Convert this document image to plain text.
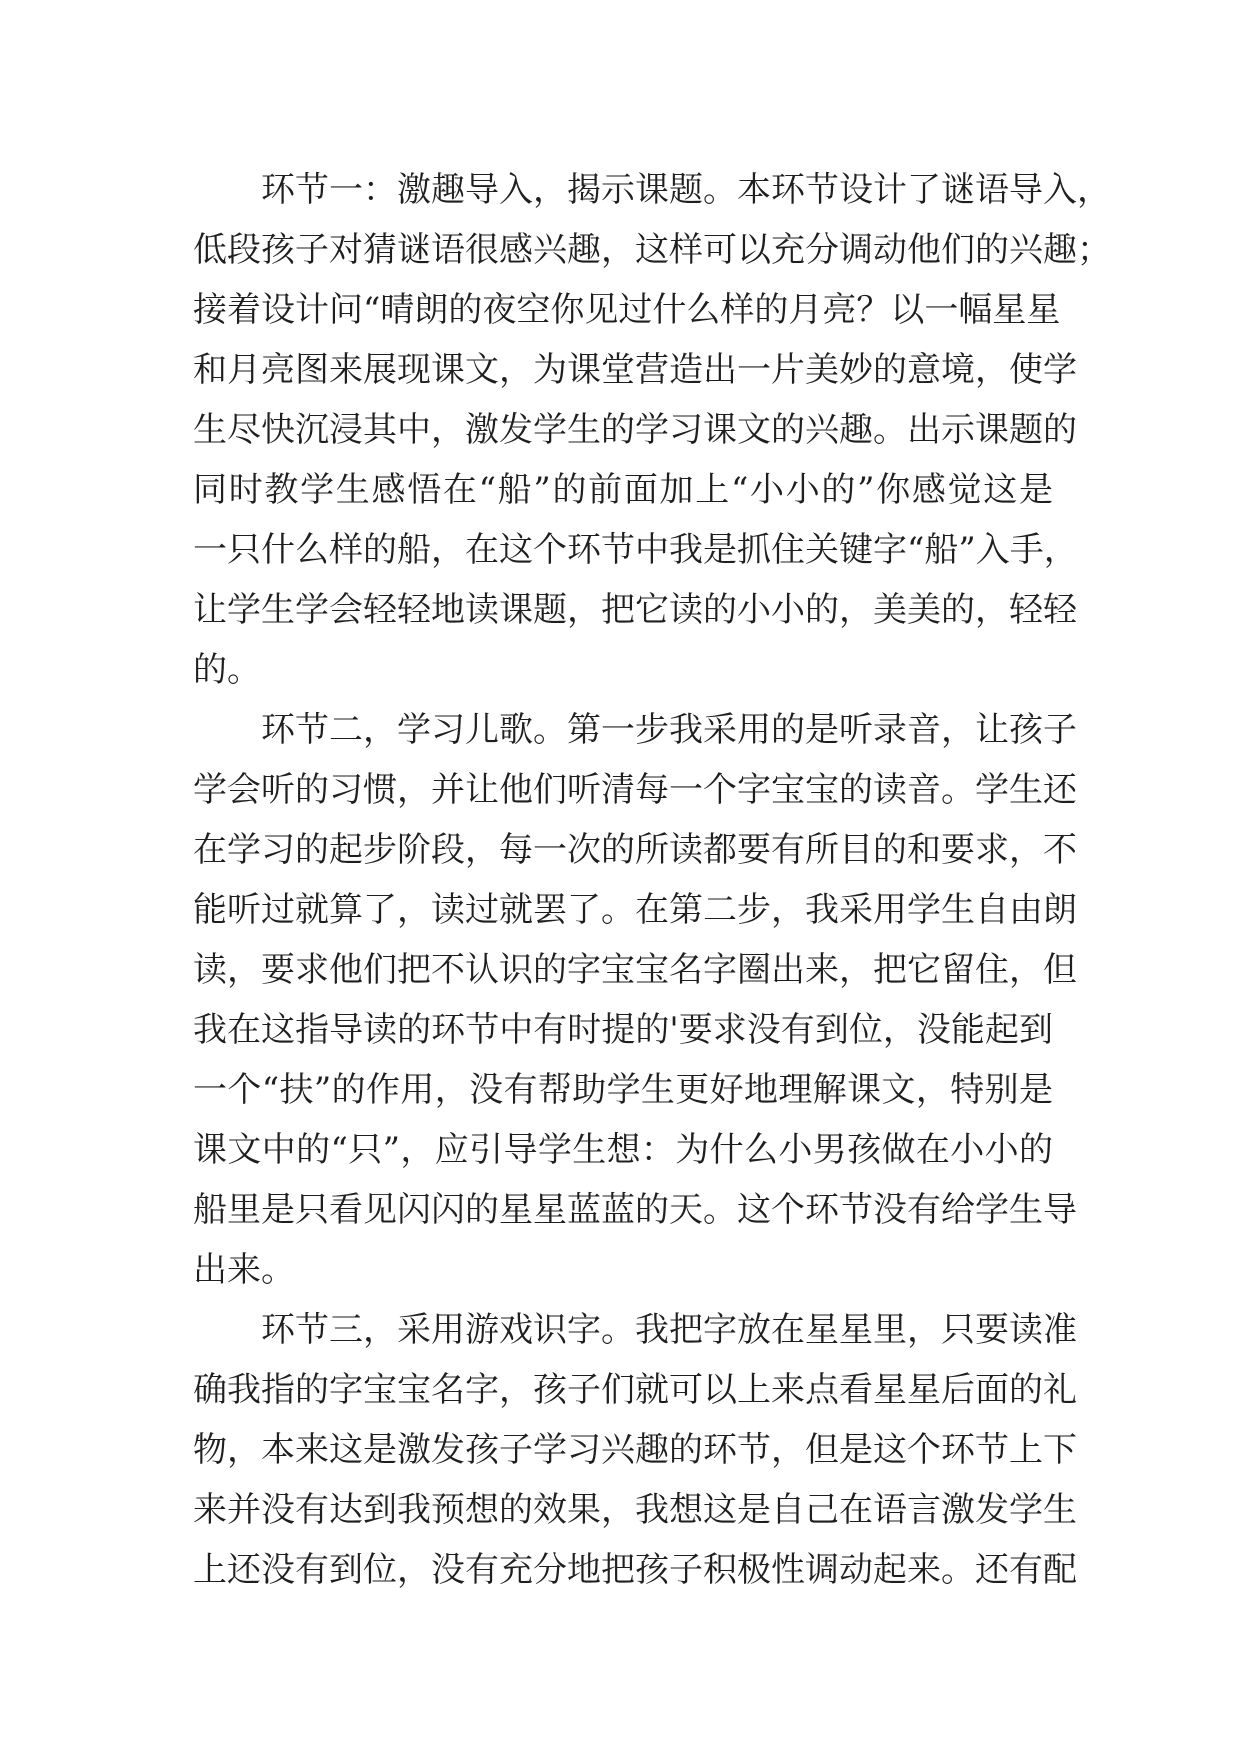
环节一：激趣导入，揭示课题。本环节设计了谜语导入，
低段孩子对猜谜语很感兴趣，这样可以充分调动他们的兴趣；
接着设计问“晴朗的夜空你见过什么样的月亮？以一幅星星
和月亮图来展现课文，为课堂营造出一片美妙的意境，使学
生尽快沉浸其中，激发学生的学习课文的兴趣。出示课题的
同时教学生感悟在“船”的前面加上“小小的”你感觉这是
一只什么样的船，在这个环节中我是抓住关键字“船”入手，
让学生学会轻轻地读课题，把它读的小小的，美美的，轻轻
的。
环节二，学习儿歌。第一步我采用的是听录音，让孩子
学会听的习惯，并让他们听清每一个字宝宝的读音。学生还
在学习的起步阶段，每一次的所读都要有所目的和要求，不
能听过就算了，读过就罢了。在第二步，我采用学生自由朗
读，要求他们把不认识的字宝宝名字圈出来，把它留住，但
我在这指导读的环节中有时提的'要求没有到位，没能起到
一个“扶”的作用，没有帮助学生更好地理解课文，特别是
课文中的“只”，应引导学生想：为什么小男孩做在小小的
船里是只看见闪闪的星星蓝蓝的天。这个环节没有给学生导
出来。
环节三，采用游戏识字。我把字放在星星里，只要读准
确我指的字宝宝名字，孩子们就可以上来点看星星后面的礼
物，本来这是激发孩子学习兴趣的环节，但是这个环节上下
来并没有达到我预想的效果，我想这是自己在语言激发学生
上还没有到位，没有充分地把孩子积极性调动起来。还有配
